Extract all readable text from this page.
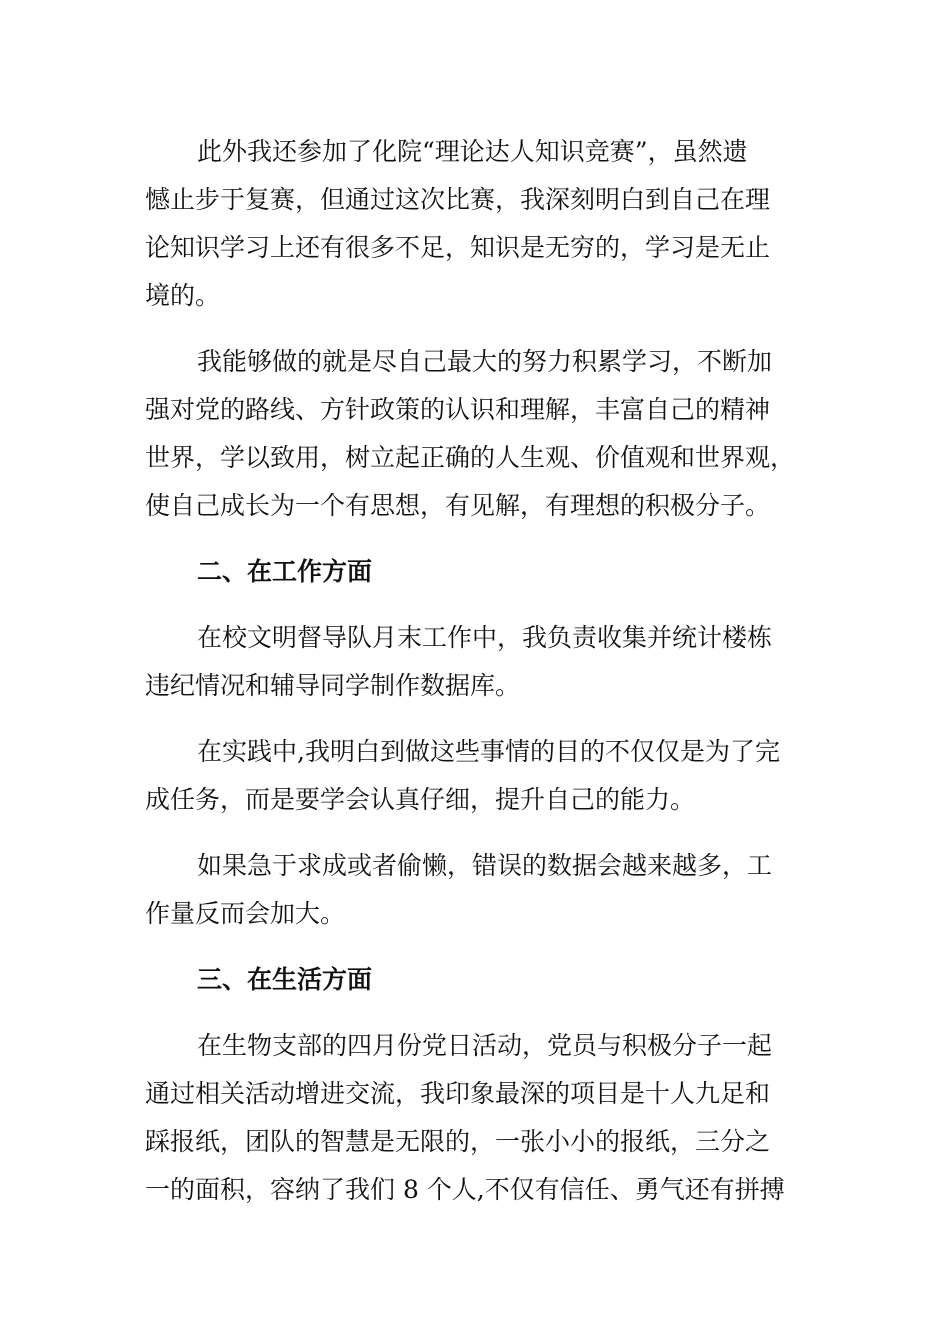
此外我还参加了化院“理论达人知识竞赛”，虽然遗
憾止步于复赛，但通过这次比赛，我深刻明白到自己在理
论知识学习上还有很多不足，知识是无穷的，学习是无止
境的。
我能够做的就是尽自己最大的努力积累学习，不断加
强对党的路线、方针政策的认识和理解，丰富自己的精神
世界，学以致用，树立起正确的人生观、价值观和世界观，
使自己成长为一个有思想，有见解，有理想的积极分子。
二、在工作方面
在校文明督导队月末工作中，我负责收集并统计楼栋
违纪情况和辅导同学制作数据库。
在实践中,我明白到做这些事情的目的不仅仅是为了完
成任务，而是要学会认真仔细，提升自己的能力。
如果急于求成或者偷懒，错误的数据会越来越多，工
作量反而会加大。
三、在生活方面
在生物支部的四月份党日活动，党员与积极分子一起
通过相关活动增进交流，我印象最深的项目是十人九足和
踩报纸，团队的智慧是无限的，一张小小的报纸，三分之
一的面积，容纳了我们 8 个人,不仅有信任、勇气还有拼搏
